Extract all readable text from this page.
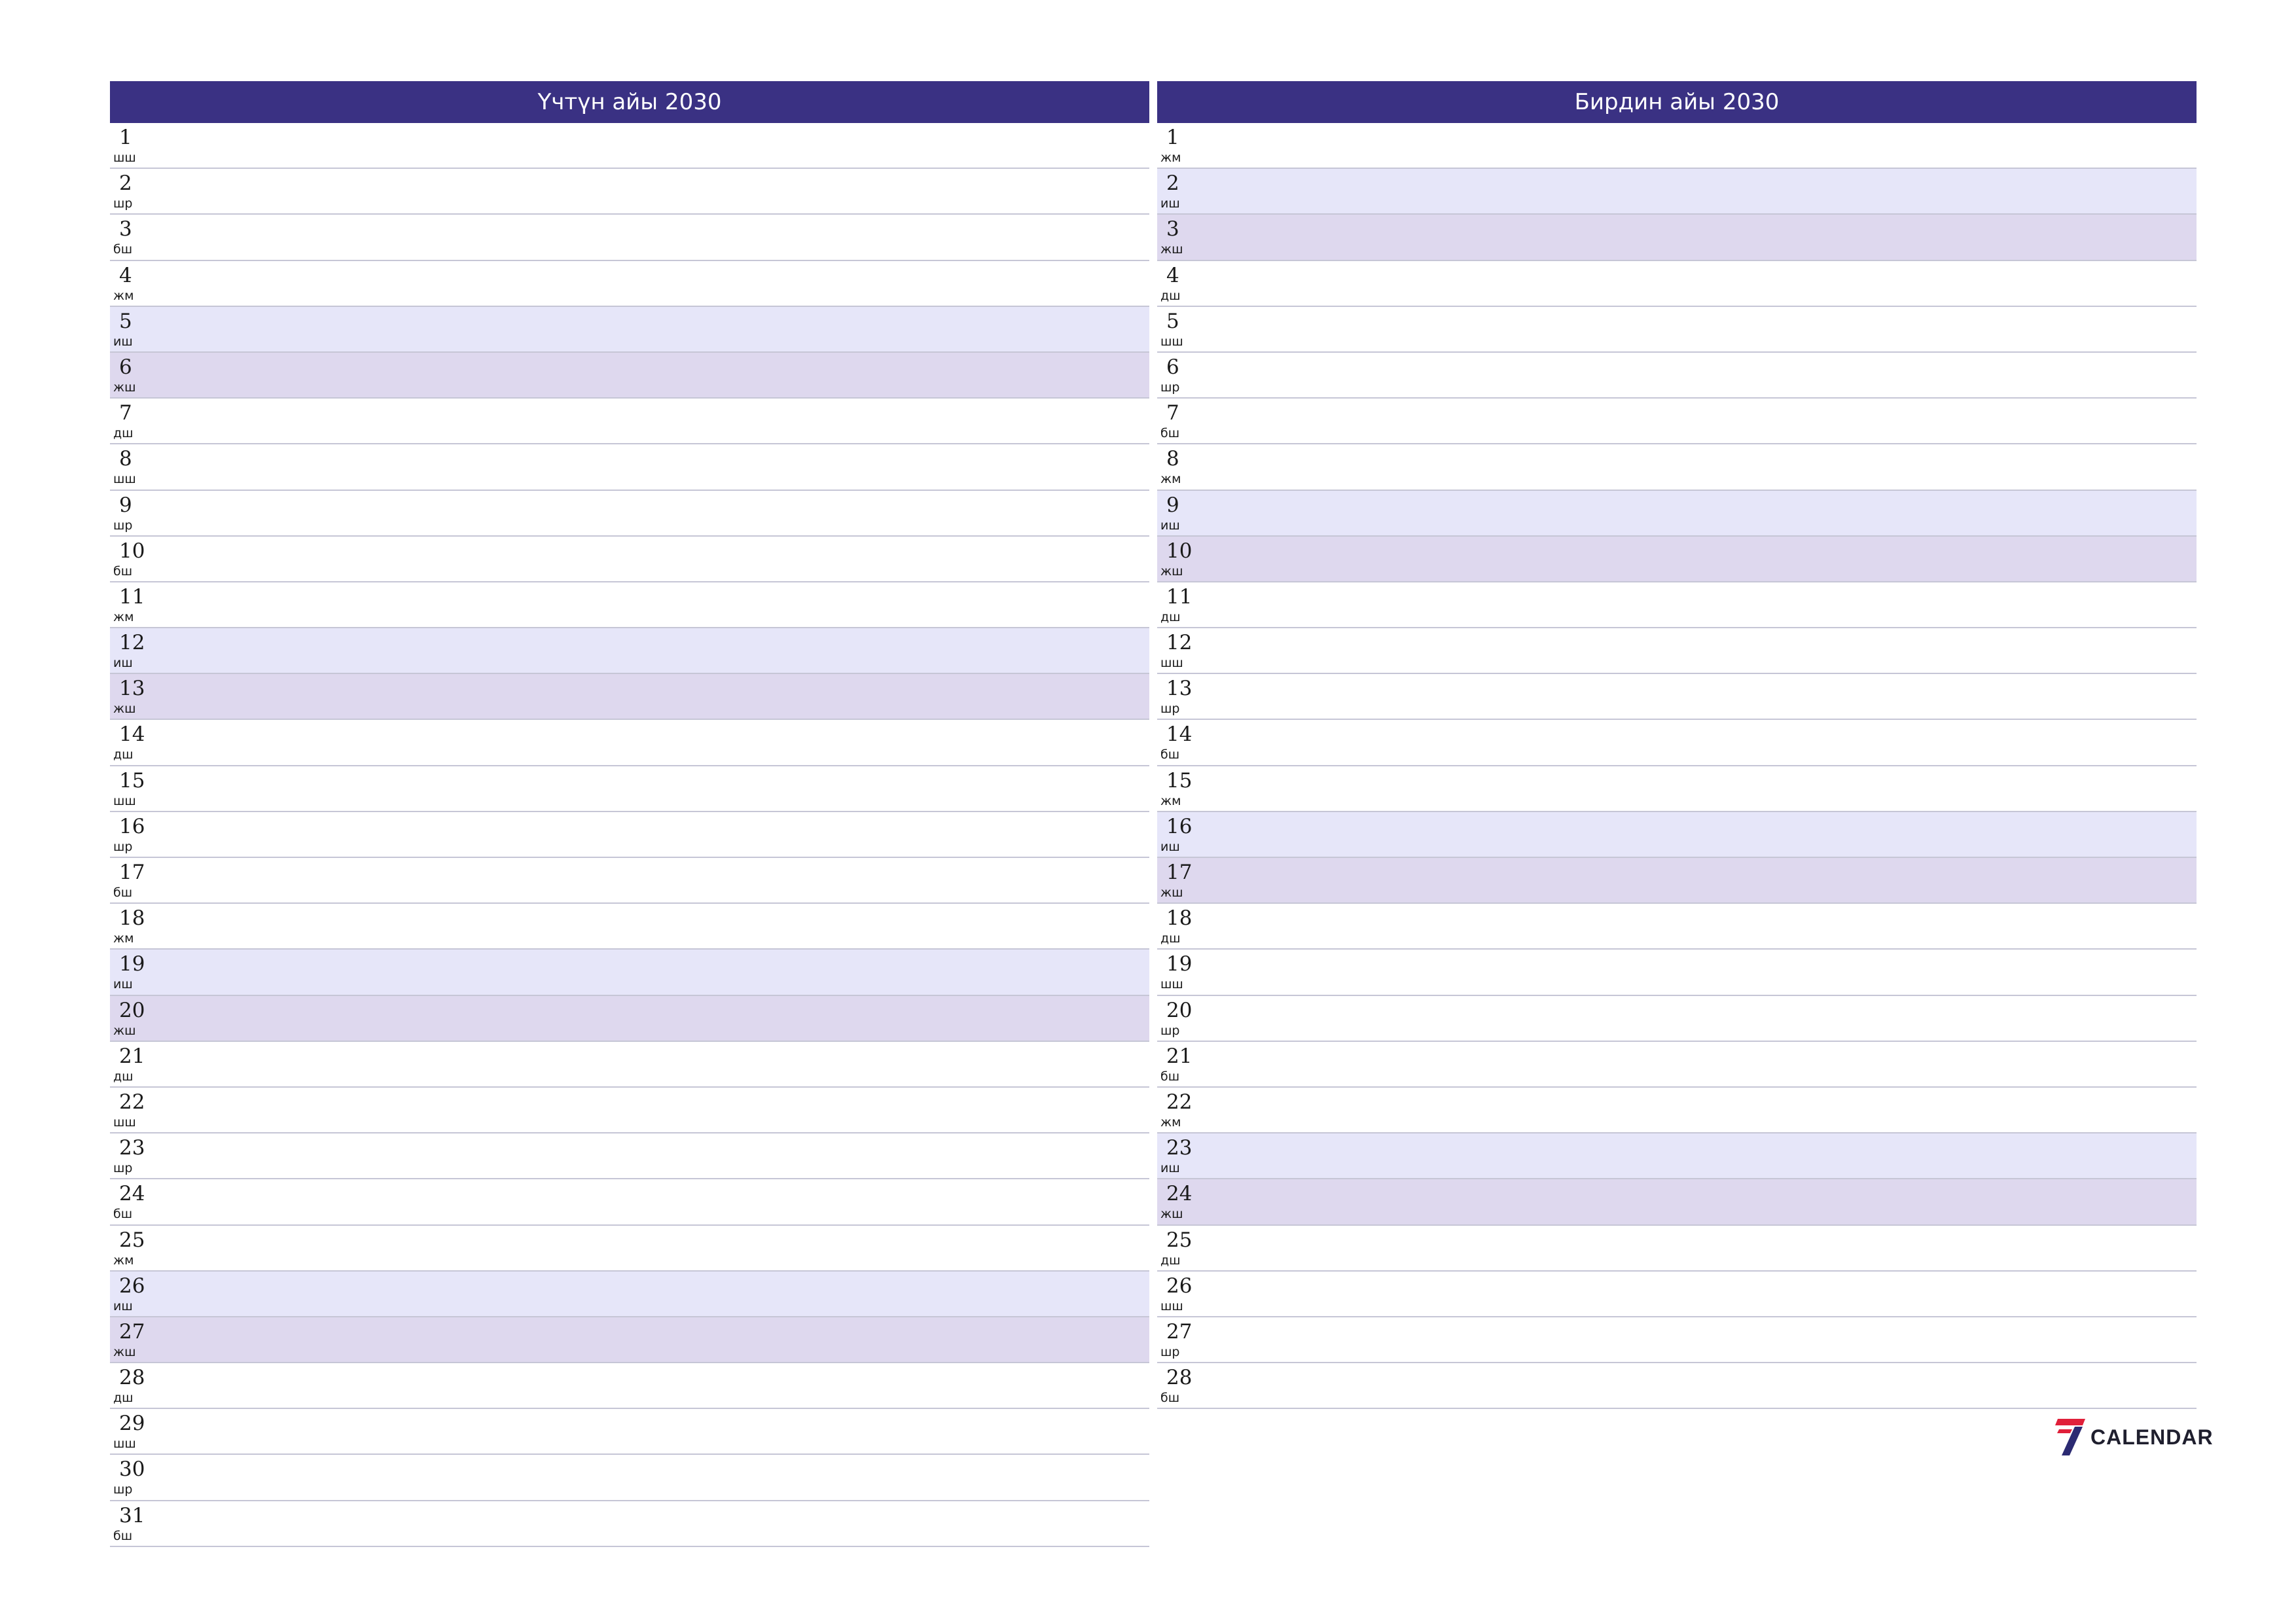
Үчтүн айы 2030
1
шш
2
шр
3
бш
4
жм
5
иш
6
жш
7
дш
8
шш
9
шр
10
бш
11
жм
12
иш
13
жш
14
дш
15
шш
16
шр
17
бш
18
жм
19
иш
20
жш
21
дш
22
шш
23
шр
24
бш
25
жм
26
иш
27
жш
28
дш
29
шш
30
шр
31
бш
Бирдин айы 2030
1
жм
2
иш
3
жш
4
дш
5
шш
6
шр
7
бш
8
жм
9
иш
10
жш
11
дш
12
шш
13
шр
14
бш
15
жм
16
иш
17
жш
18
дш
19
шш
20
шр
21
бш
22
жм
23
иш
24
жш
25
дш
26
шш
27
шр
28
бш
CALENDAR
